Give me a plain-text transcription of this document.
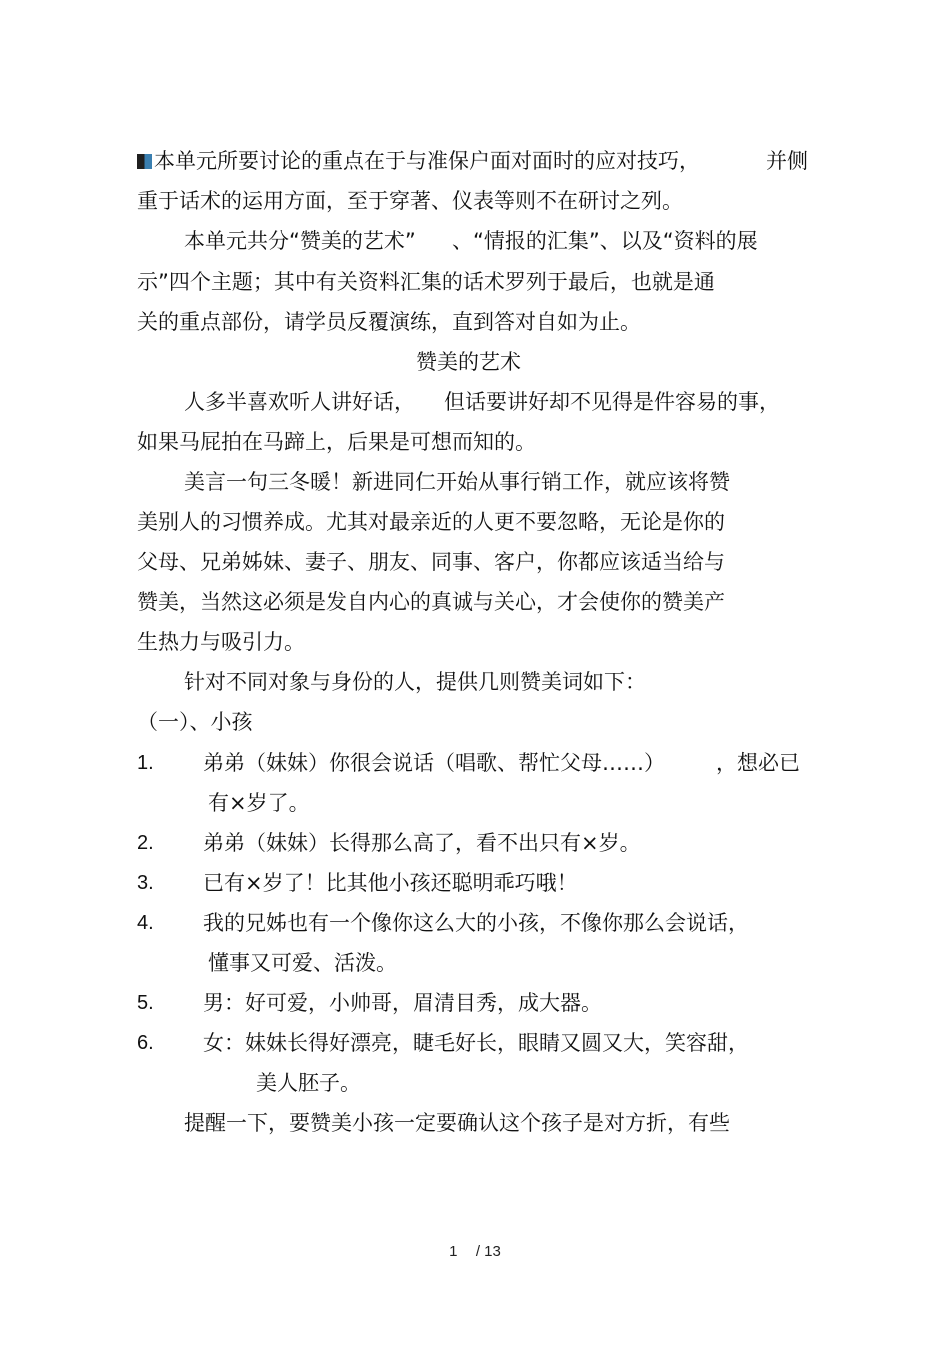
本单元所要讨论的重点在于与准保户面对面时的应对技巧，	并侧
重于话术的运用方面，至于穿著、仪表等则不在研讨之列。
本单元共分“赞美的艺术” 、“情报的汇集”、以及“资料的展
示”四个主题；其中有关资料汇集的话术罗列于最后，也就是通
关的重点部份，请学员反覆演练，直到答对自如为止。
赞美的艺术
人多半喜欢听人讲好话， 但话要讲好却不见得是件容易的事，
如果马屁拍在马蹄上，后果是可想而知的。
美言一句三冬暖！新进同仁开始从事行销工作，就应该将赞
美别人的习惯养成。尤其对最亲近的人更不要忽略，无论是你的
父母、兄弟姊妹、妻子、朋友、同事、客户，你都应该适当给与
赞美，当然这必须是发自内心的真诚与关心，才会使你的赞美产
生热力与吸引力。
针对不同对象与身份的人，提供几则赞美词如下：
（一）、小孩
1. 弟弟（妹妹）你很会说话（唱歌、帮忙父母……） ，想必已
有×岁了。
2. 弟弟（妹妹）长得那么高了，看不出只有×岁。
3. 已有×岁了！比其他小孩还聪明乖巧哦！
4. 我的兄姊也有一个像你这么大的小孩，不像你那么会说话，
懂事又可爱、活泼。
5. 男：好可爱，小帅哥，眉清目秀，成大器。
6. 女：妹妹长得好漂亮，睫毛好长，眼睛又圆又大，笑容甜，
美人胚子。
提醒一下，要赞美小孩一定要确认这个孩子是对方折，有些
1 / 13
